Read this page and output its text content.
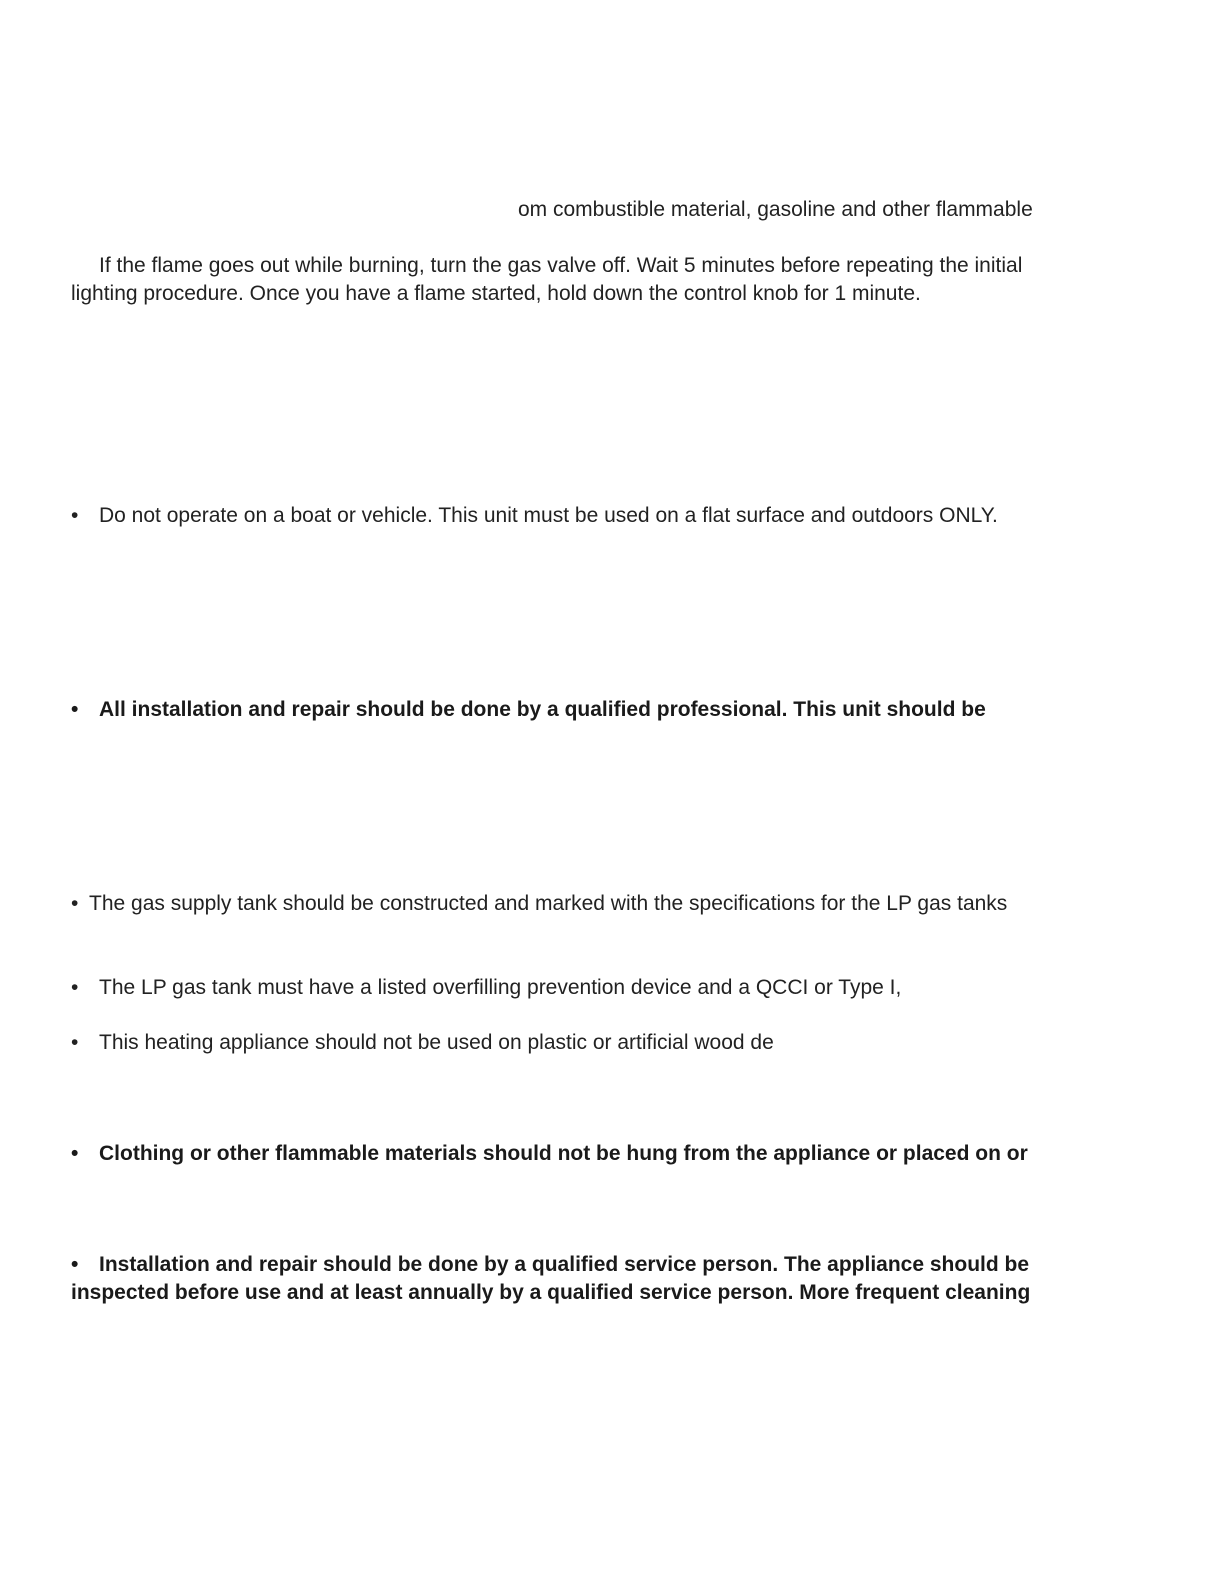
om combustible material, gasoline and other flammable
If the flame goes out while burning, turn the gas valve off. Wait 5 minutes before repeating the initial
lighting procedure. Once you have a flame started, hold down the control knob for 1 minute.
• Do not operate on a boat or vehicle. This unit must be used on a flat surface and outdoors ONLY.
• All installation and repair should be done by a qualified professional. This unit should be
• The gas supply tank should be constructed and marked with the specifications for the LP gas tanks
• The LP gas tank must have a listed overfilling prevention device and a QCCI or Type I,
• This heating appliance should not be used on plastic or artificial wood de
• Clothing or other flammable materials should not be hung from the appliance or placed on or
• Installation and repair should be done by a qualified service person. The appliance should be
inspected before use and at least annually by a qualified service person. More frequent cleaning
